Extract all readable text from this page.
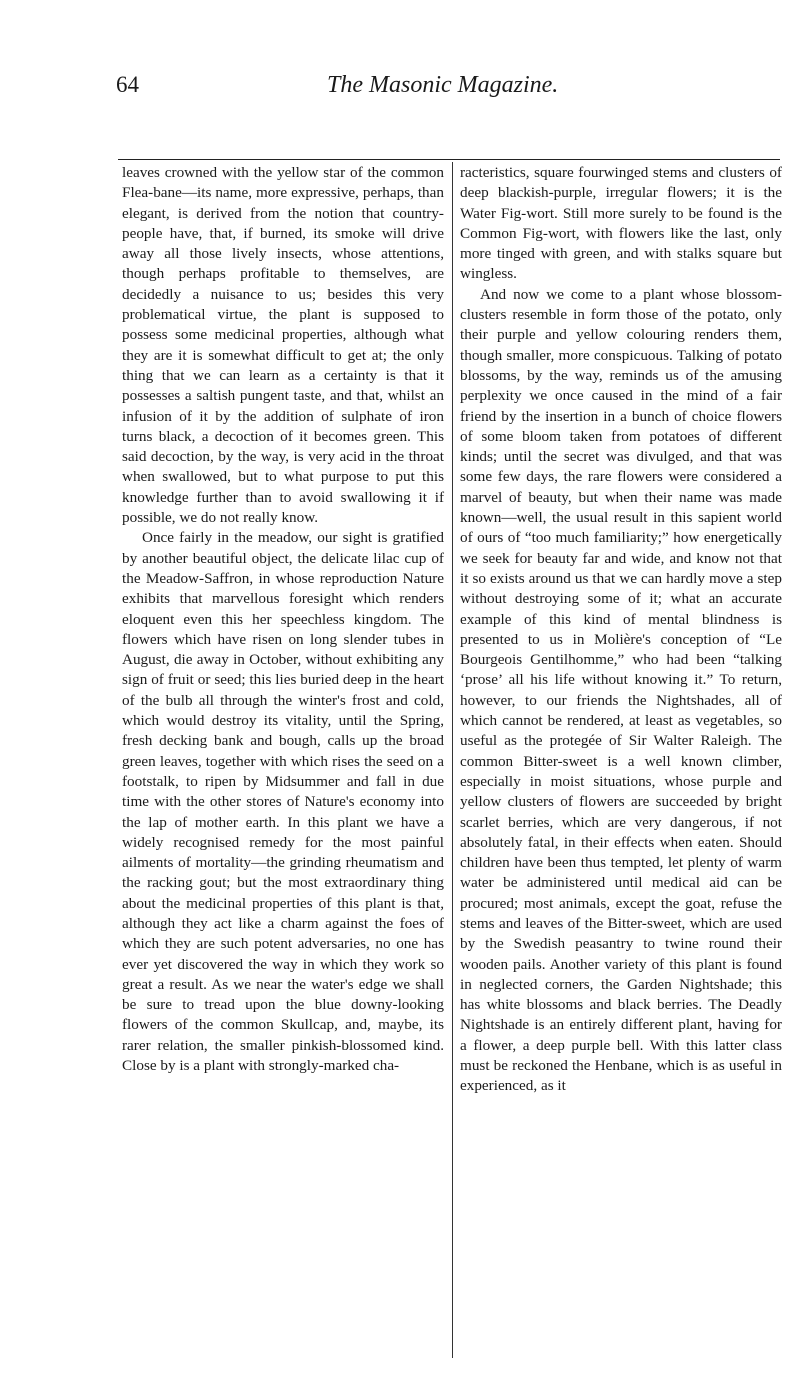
64	The Masonic Magazine.

leaves crowned with the yellow star of the common Flea-bane—its name, more expressive, perhaps, than elegant, is derived from the notion that country-people have, that, if burned, its smoke will drive away all those lively insects, whose attentions, though perhaps profitable to themselves, are decidedly a nuisance to us; besides this very problematical virtue, the plant is supposed to possess some medicinal properties, although what they are it is somewhat difficult to get at; the only thing that we can learn as a certainty is that it possesses a saltish pungent taste, and that, whilst an infusion of it by the addition of sulphate of iron turns black, a decoction of it becomes green. This said decoction, by the way, is very acid in the throat when swallowed, but to what purpose to put this knowledge further than to avoid swallowing it if possible, we do not really know.

Once fairly in the meadow, our sight is gratified by another beautiful object, the delicate lilac cup of the Meadow-Saffron, in whose reproduction Nature exhibits that marvellous foresight which renders eloquent even this her speechless kingdom. The flowers which have risen on long slender tubes in August, die away in October, without exhibiting any sign of fruit or seed; this lies buried deep in the heart of the bulb all through the winter's frost and cold, which would destroy its vitality, until the Spring, fresh decking bank and bough, calls up the broad green leaves, together with which rises the seed on a footstalk, to ripen by Midsummer and fall in due time with the other stores of Nature's economy into the lap of mother earth. In this plant we have a widely recognised remedy for the most painful ailments of mortality—the grinding rheumatism and the racking gout; but the most extraordinary thing about the medicinal properties of this plant is that, although they act like a charm against the foes of which they are such potent adversaries, no one has ever yet discovered the way in which they work so great a result. As we near the water's edge we shall be sure to tread upon the blue downy-looking flowers of the common Skullcap, and, maybe, its rarer relation, the smaller pinkish-blossomed kind. Close by is a plant with strongly-marked cha-

racteristics, square fourwinged stems and clusters of deep blackish-purple, irregular flowers; it is the Water Fig-wort. Still more surely to be found is the Common Fig-wort, with flowers like the last, only more tinged with green, and with stalks square but wingless.

And now we come to a plant whose blossom-clusters resemble in form those of the potato, only their purple and yellow colouring renders them, though smaller, more conspicuous. Talking of potato blossoms, by the way, reminds us of the amusing perplexity we once caused in the mind of a fair friend by the insertion in a bunch of choice flowers of some bloom taken from potatoes of different kinds; until the secret was divulged, and that was some few days, the rare flowers were considered a marvel of beauty, but when their name was made known—well, the usual result in this sapient world of ours of “too much familiarity;” how energetically we seek for beauty far and wide, and know not that it so exists around us that we can hardly move a step without destroying some of it; what an accurate example of this kind of mental blindness is presented to us in Molière's conception of “Le Bourgeois Gentilhomme,” who had been “talking ‘prose’ all his life without knowing it.” To return, however, to our friends the Nightshades, all of which cannot be rendered, at least as vegetables, so useful as the protegée of Sir Walter Raleigh. The common Bitter-sweet is a well known climber, especially in moist situations, whose purple and yellow clusters of flowers are succeeded by bright scarlet berries, which are very dangerous, if not absolutely fatal, in their effects when eaten. Should children have been thus tempted, let plenty of warm water be administered until medical aid can be procured; most animals, except the goat, refuse the stems and leaves of the Bitter-sweet, which are used by the Swedish peasantry to twine round their wooden pails. Another variety of this plant is found in neglected corners, the Garden Nightshade; this has white blossoms and black berries. The Deadly Nightshade is an entirely different plant, having for a flower, a deep purple bell. With this latter class must be reckoned the Henbane, which is as useful in experienced, as it
